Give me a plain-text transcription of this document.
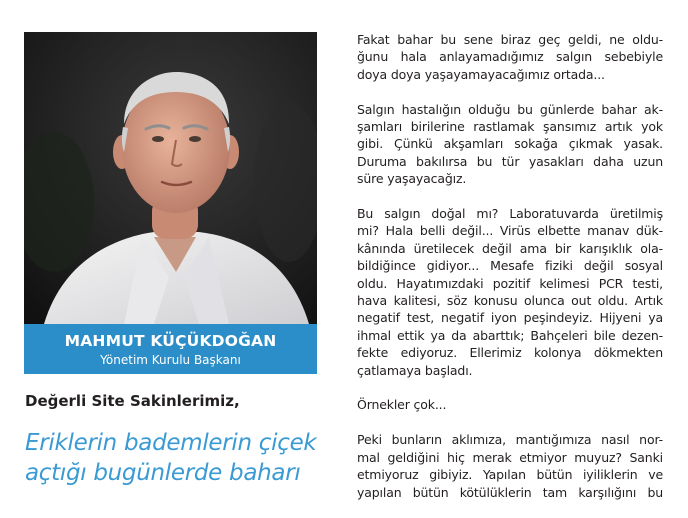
MAHMUT KÜÇÜKDOĞAN
Yönetim Kurulu Başkanı
Değerli Site Sakinlerimiz,
Eriklerin bademlerin çiçek
açtığı bugünlerde baharı

Fakat bahar bu sene biraz geç geldi, ne oldu-
ğunu hala anlayamadığımız salgın sebebiyle
doya doya yaşayamayacağımız ortada...

Salgın hastalığın olduğu bu günlerde bahar ak-
şamları birilerine rastlamak şansımız artık yok
gibi. Çünkü akşamları sokağa çıkmak yasak.
Duruma bakılırsa bu tür yasakları daha uzun
süre yaşayacağız.

Bu salgın doğal mı? Laboratuvarda üretilmiş
mi? Hala belli değil... Virüs elbette manav dük-
kânında üretilecek değil ama bir karışıklık ola-
bildiğince gidiyor... Mesafe fiziki değil sosyal
oldu. Hayatımızdaki pozitif kelimesi PCR testi,
hava kalitesi, söz konusu olunca out oldu. Artık
negatif test, negatif iyon peşindeyiz. Hijyeni ya
ihmal ettik ya da abarttık; Bahçeleri bile dezen-
fekte ediyoruz. Ellerimiz kolonya dökmekten
çatlamaya başladı.

Örnekler çok...

Peki bunların aklımıza, mantığımıza nasıl nor-
mal geldiğini hiç merak etmiyor muyuz? Sanki
etmiyoruz gibiyiz. Yapılan bütün iyiliklerin ve
yapılan bütün kötülüklerin tam karşılığını bu
